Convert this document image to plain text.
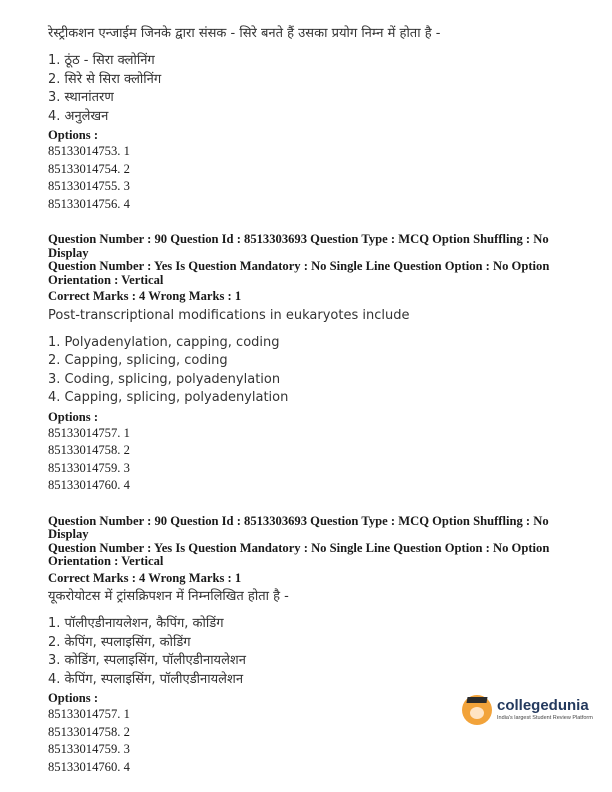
रेस्ट्रीकशन एन्जाईम जिनके द्वारा संसक - सिरे बनते हैं उसका प्रयोग निम्न में होता है -

1. ठूंठ - सिरा क्लोनिंग
2. सिरे से सिरा क्लोनिंग
3. स्थानांतरण
4. अनुलेखन
Options :
85133014753. 1
85133014754. 2
85133014755. 3
85133014756. 4

Question Number : 90 Question Id : 8513303693 Question Type : MCQ Option Shuffling : No Display

Question Number : Yes Is Question Mandatory : No Single Line Question Option : No Option

Orientation : Vertical

Correct Marks : 4 Wrong Marks : 1

Post-transcriptional modifications in eukaryotes include

1. Polyadenylation, capping, coding
2. Capping, splicing, coding
3. Coding, splicing, polyadenylation
4. Capping, splicing, polyadenylation
Options :
85133014757. 1
85133014758. 2
85133014759. 3
85133014760. 4

Question Number : 90 Question Id : 8513303693 Question Type : MCQ Option Shuffling : No Display

Question Number : Yes Is Question Mandatory : No Single Line Question Option : No Option

Orientation : Vertical

Correct Marks : 4 Wrong Marks : 1

यूकरोयोटस में ट्रांसक्रिपशन में निम्नलिखित होता है -

1. पॉलीएडीनायलेशन, कैपिंग, कोडिंग
2. केपिंग, स्पलाइसिंग, कोडिंग
3. कोडिंग, स्पलाइसिंग, पॉलीएडीनायलेशन
4. केपिंग, स्पलाइसिंग, पॉलीएडीनायलेशन
Options :
85133014757. 1
85133014758. 2
85133014759. 3
85133014760. 4
collegedunia
India's largest Student Review Platform
